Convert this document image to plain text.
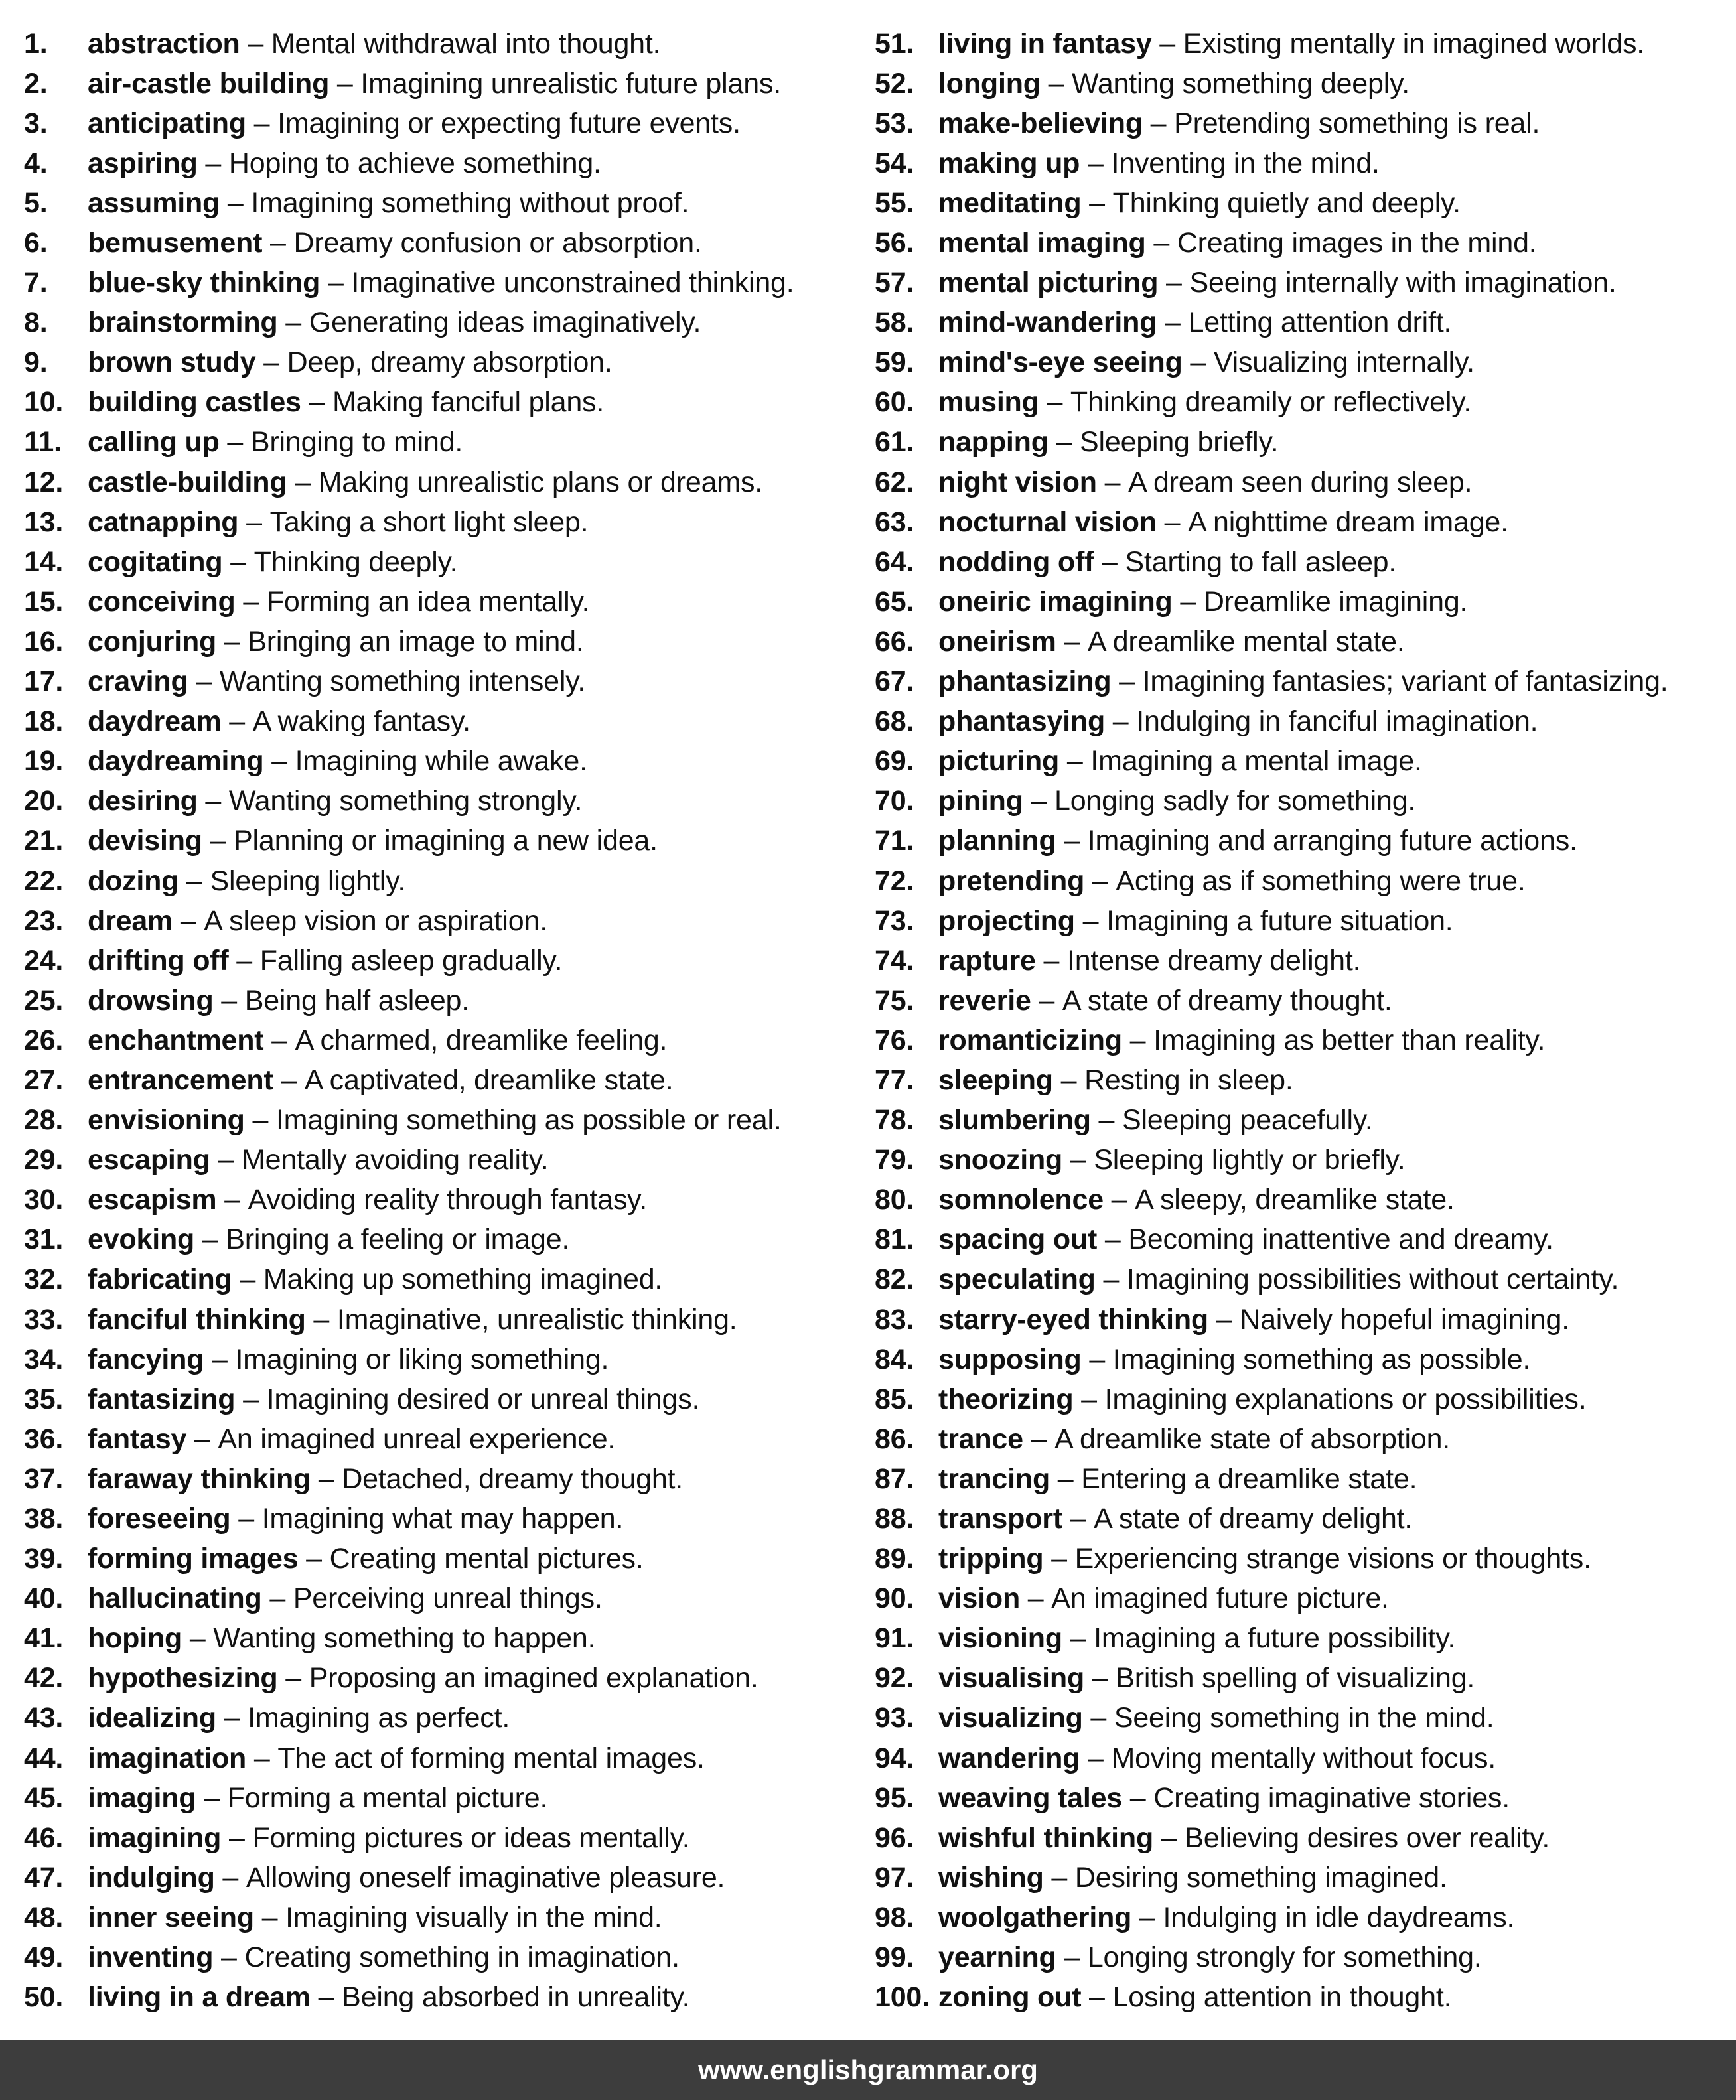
1.	abstraction – Mental withdrawal into thought.
2.	air-castle building – Imagining unrealistic future plans.
3.	anticipating – Imagining or expecting future events.
4.	aspiring – Hoping to achieve something.
5.	assuming – Imagining something without proof.
6.	bemusement – Dreamy confusion or absorption.
7.	blue-sky thinking – Imaginative unconstrained thinking.
8.	brainstorming – Generating ideas imaginatively.
9.	brown study – Deep, dreamy absorption.
10. building castles – Making fanciful plans.
11. calling up – Bringing to mind.
12. castle-building – Making unrealistic plans or dreams.
13. catnapping – Taking a short light sleep.
14. cogitating – Thinking deeply.
15. conceiving – Forming an idea mentally.
16. conjuring – Bringing an image to mind.
17. craving – Wanting something intensely.
18. daydream – A waking fantasy.
19. daydreaming – Imagining while awake.
20. desiring – Wanting something strongly.
21. devising – Planning or imagining a new idea.
22. dozing – Sleeping lightly.
23. dream – A sleep vision or aspiration.
24. drifting off – Falling asleep gradually.
25. drowsing – Being half asleep.
26. enchantment – A charmed, dreamlike feeling.
27. entrancement – A captivated, dreamlike state.
28. envisioning – Imagining something as possible or real.
29. escaping – Mentally avoiding reality.
30. escapism – Avoiding reality through fantasy.
31. evoking – Bringing a feeling or image.
32. fabricating – Making up something imagined.
33. fanciful thinking – Imaginative, unrealistic thinking.
34. fancying – Imagining or liking something.
35. fantasizing – Imagining desired or unreal things.
36. fantasy – An imagined unreal experience.
37. faraway thinking – Detached, dreamy thought.
38. foreseeing – Imagining what may happen.
39. forming images – Creating mental pictures.
40. hallucinating – Perceiving unreal things.
41. hoping – Wanting something to happen.
42. hypothesizing – Proposing an imagined explanation.
43. idealizing – Imagining as perfect.
44. imagination – The act of forming mental images.
45. imaging – Forming a mental picture.
46. imagining – Forming pictures or ideas mentally.
47. indulging – Allowing oneself imaginative pleasure.
48. inner seeing – Imagining visually in the mind.
49. inventing – Creating something in imagination.
50. living in a dream – Being absorbed in unreality.
51. living in fantasy – Existing mentally in imagined worlds.
52. longing – Wanting something deeply.
53. make-believing – Pretending something is real.
54. making up – Inventing in the mind.
55. meditating – Thinking quietly and deeply.
56. mental imaging – Creating images in the mind.
57. mental picturing – Seeing internally with imagination.
58. mind-wandering – Letting attention drift.
59. mind's-eye seeing – Visualizing internally.
60. musing – Thinking dreamily or reflectively.
61. napping – Sleeping briefly.
62. night vision – A dream seen during sleep.
63. nocturnal vision – A nighttime dream image.
64. nodding off – Starting to fall asleep.
65. oneiric imagining – Dreamlike imagining.
66. oneirism – A dreamlike mental state.
67. phantasizing – Imagining fantasies; variant of fantasizing.
68. phantasying – Indulging in fanciful imagination.
69. picturing – Imagining a mental image.
70. pining – Longing sadly for something.
71. planning – Imagining and arranging future actions.
72. pretending – Acting as if something were true.
73. projecting – Imagining a future situation.
74. rapture – Intense dreamy delight.
75. reverie – A state of dreamy thought.
76. romanticizing – Imagining as better than reality.
77. sleeping – Resting in sleep.
78. slumbering – Sleeping peacefully.
79. snoozing – Sleeping lightly or briefly.
80. somnolence – A sleepy, dreamlike state.
81. spacing out – Becoming inattentive and dreamy.
82. speculating – Imagining possibilities without certainty.
83. starry-eyed thinking – Naively hopeful imagining.
84. supposing – Imagining something as possible.
85. theorizing – Imagining explanations or possibilities.
86. trance – A dreamlike state of absorption.
87. trancing – Entering a dreamlike state.
88. transport – A state of dreamy delight.
89. tripping – Experiencing strange visions or thoughts.
90. vision – An imagined future picture.
91. visioning – Imagining a future possibility.
92. visualising – British spelling of visualizing.
93. visualizing – Seeing something in the mind.
94. wandering – Moving mentally without focus.
95. weaving tales – Creating imaginative stories.
96. wishful thinking – Believing desires over reality.
97. wishing – Desiring something imagined.
98. woolgathering – Indulging in idle daydreams.
99. yearning – Longing strongly for something.
100. zoning out – Losing attention in thought.
www.englishgrammar.org
